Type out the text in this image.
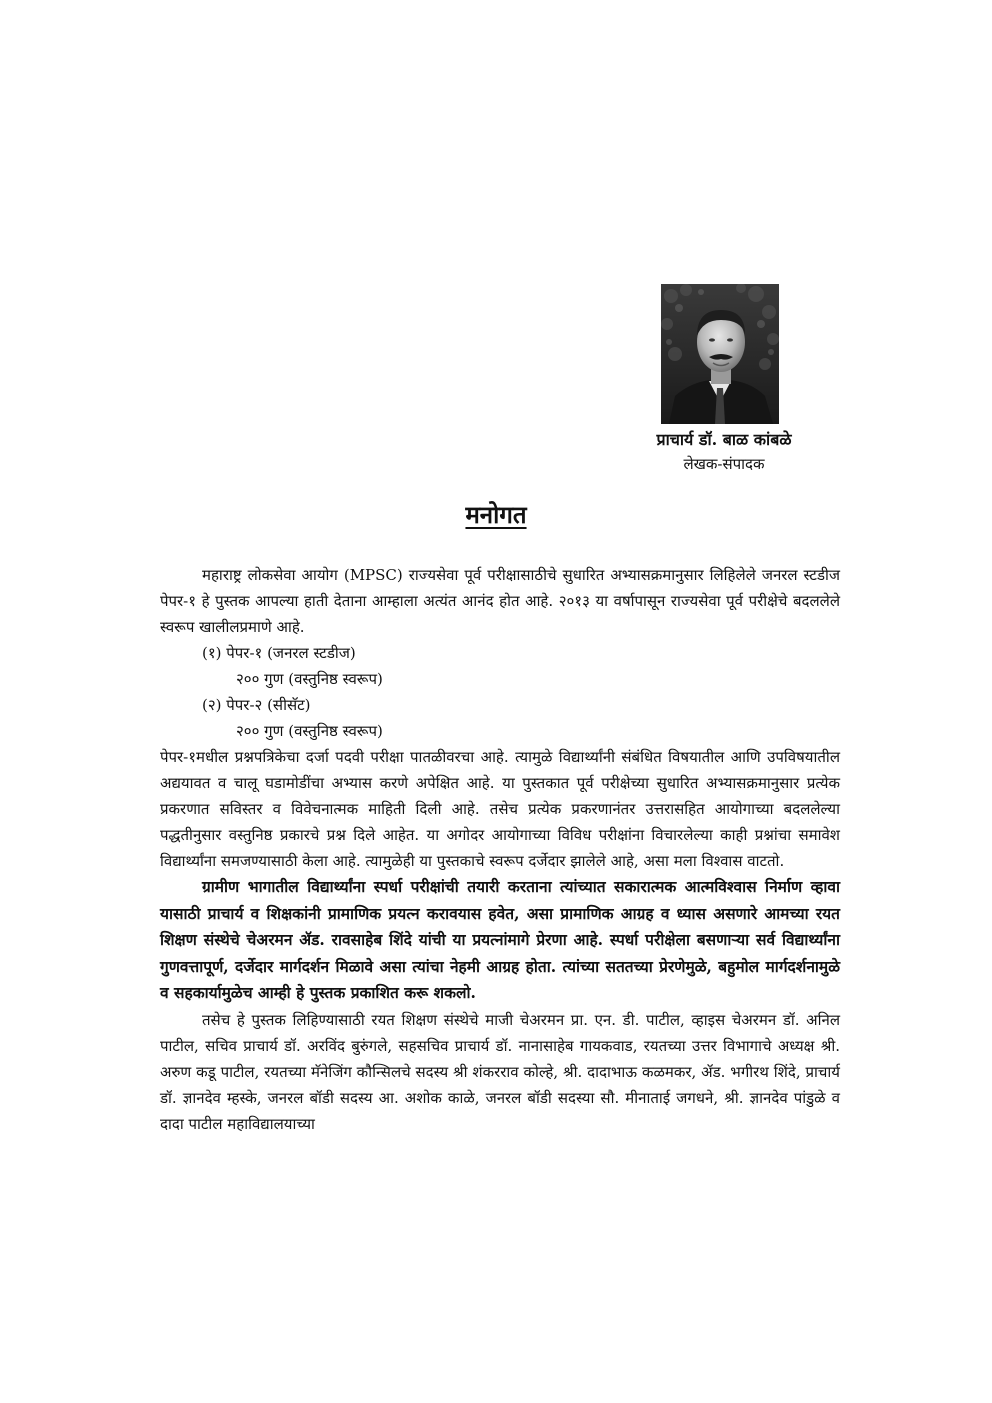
प्राचार्य डॉ. बाळ कांबळे
लेखक-संपादक
मनोगत

महाराष्ट्र लोकसेवा आयोग (MPSC) राज्यसेवा पूर्व परीक्षासाठीचे सुधारित अभ्यासक्रमानुसार लिहिलेले जनरल स्टडीज पेपर-१ हे पुस्तक आपल्या हाती देताना आम्हाला अत्यंत आनंद होत आहे. २०१३ या वर्षापासून राज्यसेवा पूर्व परीक्षेचे बदललेले स्वरूप खालीलप्रमाणे आहे.

(१) पेपर-१ (जनरल स्टडीज)

२०० गुण (वस्तुनिष्ठ स्वरूप)

(२) पेपर-२ (सीसॅट)

२०० गुण (वस्तुनिष्ठ स्वरूप)

पेपर-१मधील प्रश्नपत्रिकेचा दर्जा पदवी परीक्षा पातळीवरचा आहे. त्यामुळे विद्यार्थ्यांनी संबंधित विषयातील आणि उपविषयातील अद्ययावत व चालू घडामोडींचा अभ्यास करणे अपेक्षित आहे. या पुस्तकात पूर्व परीक्षेच्या सुधारित अभ्यासक्रमानुसार प्रत्येक प्रकरणात सविस्तर व विवेचनात्मक माहिती दिली आहे. तसेच प्रत्येक प्रकरणानंतर उत्तरासहित आयोगाच्या बदललेल्या पद्धतीनुसार वस्तुनिष्ठ प्रकारचे प्रश्न दिले आहेत. या अगोदर आयोगाच्या विविध परीक्षांना विचारलेल्या काही प्रश्नांचा समावेश विद्यार्थ्यांना समजण्यासाठी केला आहे. त्यामुळेही या पुस्तकाचे स्वरूप दर्जेदार झालेले आहे, असा मला विश्वास वाटतो.

ग्रामीण भागातील विद्यार्थ्यांना स्पर्धा परीक्षांची तयारी करताना त्यांच्यात सकारात्मक आत्मविश्वास निर्माण व्हावा यासाठी प्राचार्य व शिक्षकांनी प्रामाणिक प्रयत्न करावयास हवेत, असा प्रामाणिक आग्रह व ध्यास असणारे आमच्या रयत शिक्षण संस्थेचे चेअरमन ॲड. रावसाहेब शिंदे यांची या प्रयत्नांमागे प्रेरणा आहे. स्पर्धा परीक्षेला बसणाऱ्या सर्व विद्यार्थ्यांना गुणवत्तापूर्ण, दर्जेदार मार्गदर्शन मिळावे असा त्यांचा नेहमी आग्रह होता. त्यांच्या सततच्या प्रेरणेमुळे, बहुमोल मार्गदर्शनामुळे व सहकार्यामुळेच आम्ही हे पुस्तक प्रकाशित करू शकलो.

तसेच हे पुस्तक लिहिण्यासाठी रयत शिक्षण संस्थेचे माजी चेअरमन प्रा. एन. डी. पाटील, व्हाइस चेअरमन डॉ. अनिल पाटील, सचिव प्राचार्य डॉ. अरविंद बुरुंगले, सहसचिव प्राचार्य डॉ. नानासाहेब गायकवाड, रयतच्या उत्तर विभागाचे अध्यक्ष श्री. अरुण कडू पाटील, रयतच्या मॅनेजिंग कौन्सिलचे सदस्य श्री शंकरराव कोल्हे, श्री. दादाभाऊ कळमकर, ॲड. भगीरथ शिंदे, प्राचार्य डॉ. ज्ञानदेव म्हस्के, जनरल बॉडी सदस्य आ. अशोक काळे, जनरल बॉडी सदस्या सौ. मीनाताई जगधने, श्री. ज्ञानदेव पांडुळे व दादा पाटील महाविद्यालयाच्या
